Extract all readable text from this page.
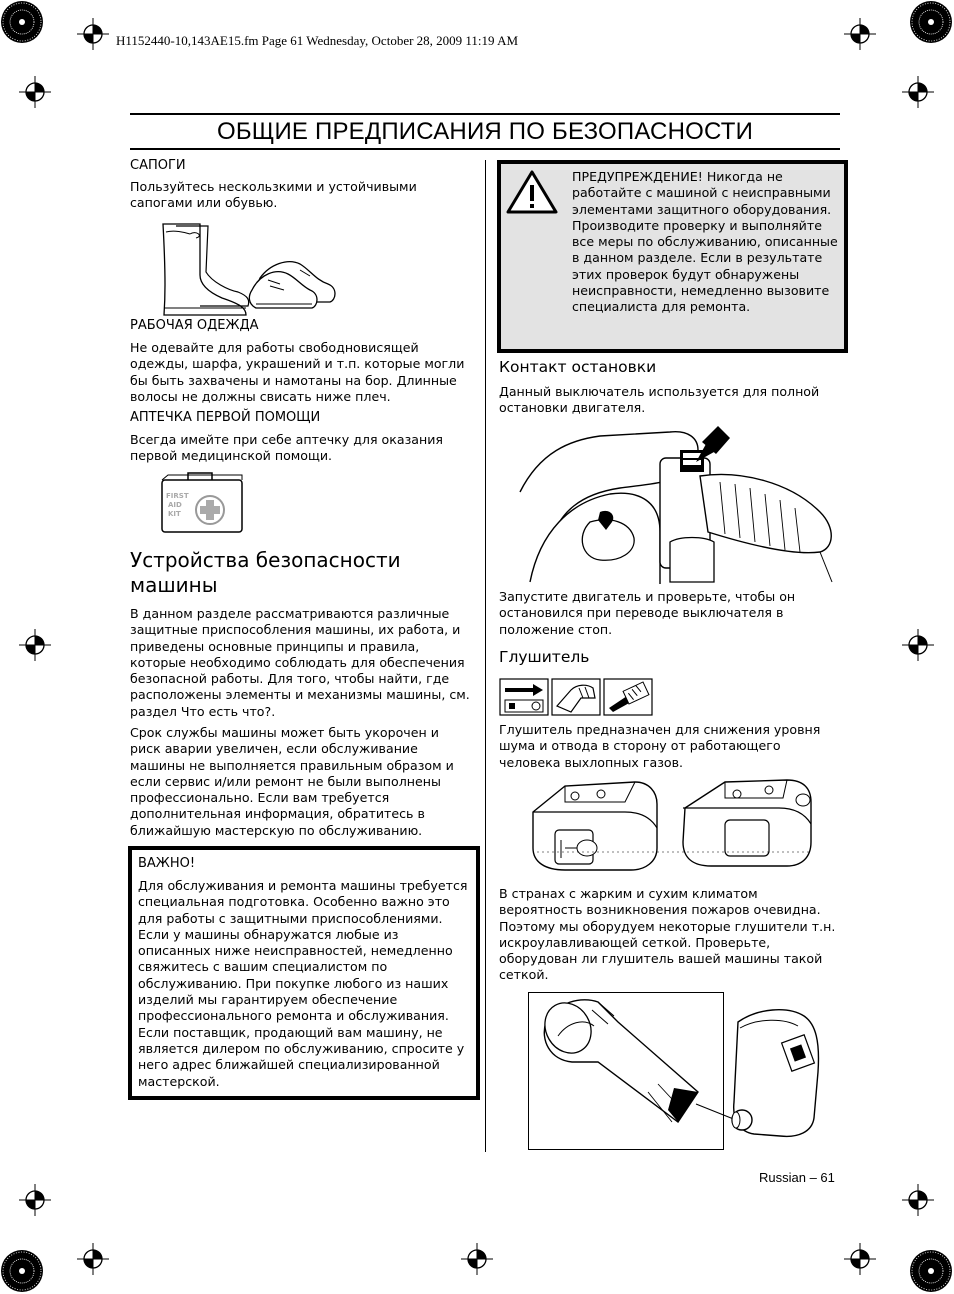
H1152440-10,143AE15.fm Page 61 Wednesday, October 28, 2009 11:19 AM
ОБЩИЕ ПРЕДПИСАНИЯ ПО БЕЗОПАСНОСТИ
САПОГИ
Пользуйтесь нескользкими и устойчивыми сапогами или обувью.
РАБОЧАЯ ОДЕЖДА
Не одевайте для работы свободновисящей одежды, шарфа, украшений и т.п. которые могли бы быть захвачены и намотаны на бор. Длинные волосы не должны свисать ниже плеч.
АПТЕЧКА ПЕРВОЙ ПОМОЩИ
Всегда имейте при себе аптечку для оказания первой медицинской помощи.
FIRST
AID
KIT
Устройства безопасности машины
В данном разделе рассматриваются различные защитные приспособления машины, их работа, и приведены основные принципы и правила, которые необходимо соблюдать для обеспечения безопасной работы. Для того, чтобы найти, где расположены элементы и механизмы машины, см. раздел Что есть что?.
Срок службы машины может быть укорочен и риск аварии увеличен, если обслуживание машины не выполняется правильным образом и если сервис и/или ремонт не были выполнены профессионально. Если вам требуется дополнительная информация, обратитесь в ближайшую мастерскую по обслуживанию.
ВАЖНО!
Для обслуживания и ремонта машины требуется специальная подготовка. Особенно важно это для работы с защитными приспособлениями. Если у машины обнаружатся любые из описанных ниже неисправностей, немедленно свяжитесь с вашим специалистом по обслуживанию. При покупке любого из наших изделий мы гарантируем обеспечение профессионального ремонта и обслуживания. Если поставщик, продающий вам машину, не является дилером по обслуживанию, спросите у него адрес ближайшей специализированной мастерской.
ПРЕДУПРЕЖДЕНИЕ! Никогда не работайте с машиной с неисправными элементами защитного оборудования. Производите проверку и выполняйте все меры по обслуживанию, описанные в данном разделе. Если в результате этих проверок будут обнаружены неисправности, немедленно вызовите специалиста для ремонта.
Контакт остановки
Данный выключатель используется для полной остановки двигателя.
Запустите двигатель и проверьте, чтобы он остановился при переводе выключателя в положение стоп.
Глушитель
Глушитель предназначен для снижения уровня шума и отвода в сторону от работающего человека выхлопных газов.
В странах с жарким и сухим климатом вероятность возникновения пожаров очевидна. Поэтому мы оборудуем некоторые глушители т.н. искроулавливающей сеткой. Проверьте, оборудован ли глушитель вашей машины такой сеткой.
Russian – 61
